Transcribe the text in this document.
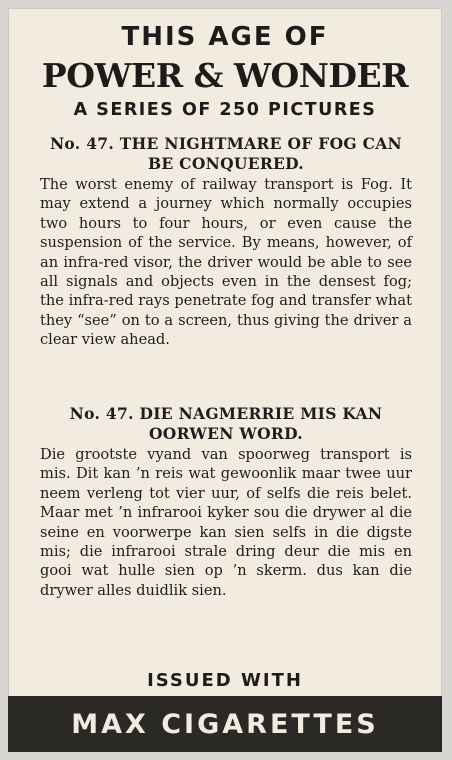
THIS AGE OF
POWER & WONDER
A SERIES OF 250 PICTURES
No. 47. THE NIGHTMARE OF FOG CAN BE CONQUERED.
The worst enemy of railway transport is Fog. It may extend a journey which normally occupies two hours to four hours, or even cause the suspension of the service. By means, however, of an infra-red visor, the driver would be able to see all signals and objects even in the densest fog; the infra-red rays penetrate fog and transfer what they “see” on to a screen, thus giving the driver a clear view ahead.
No. 47. DIE NAGMERRIE MIS KAN OORWEN WORD.
Die grootste vyand van spoorweg transport is mis. Dit kan ’n reis wat gewoonlik maar twee uur neem verleng tot vier uur, of selfs die reis belet. Maar met ’n infrarooi kyker sou die drywer al die seine en voorwerpe kan sien selfs in die digste mis; die infrarooi strale dring deur die mis en gooi wat hulle sien op ’n skerm. dus kan die drywer alles duidlik sien.
ISSUED WITH
MAX CIGARETTES
